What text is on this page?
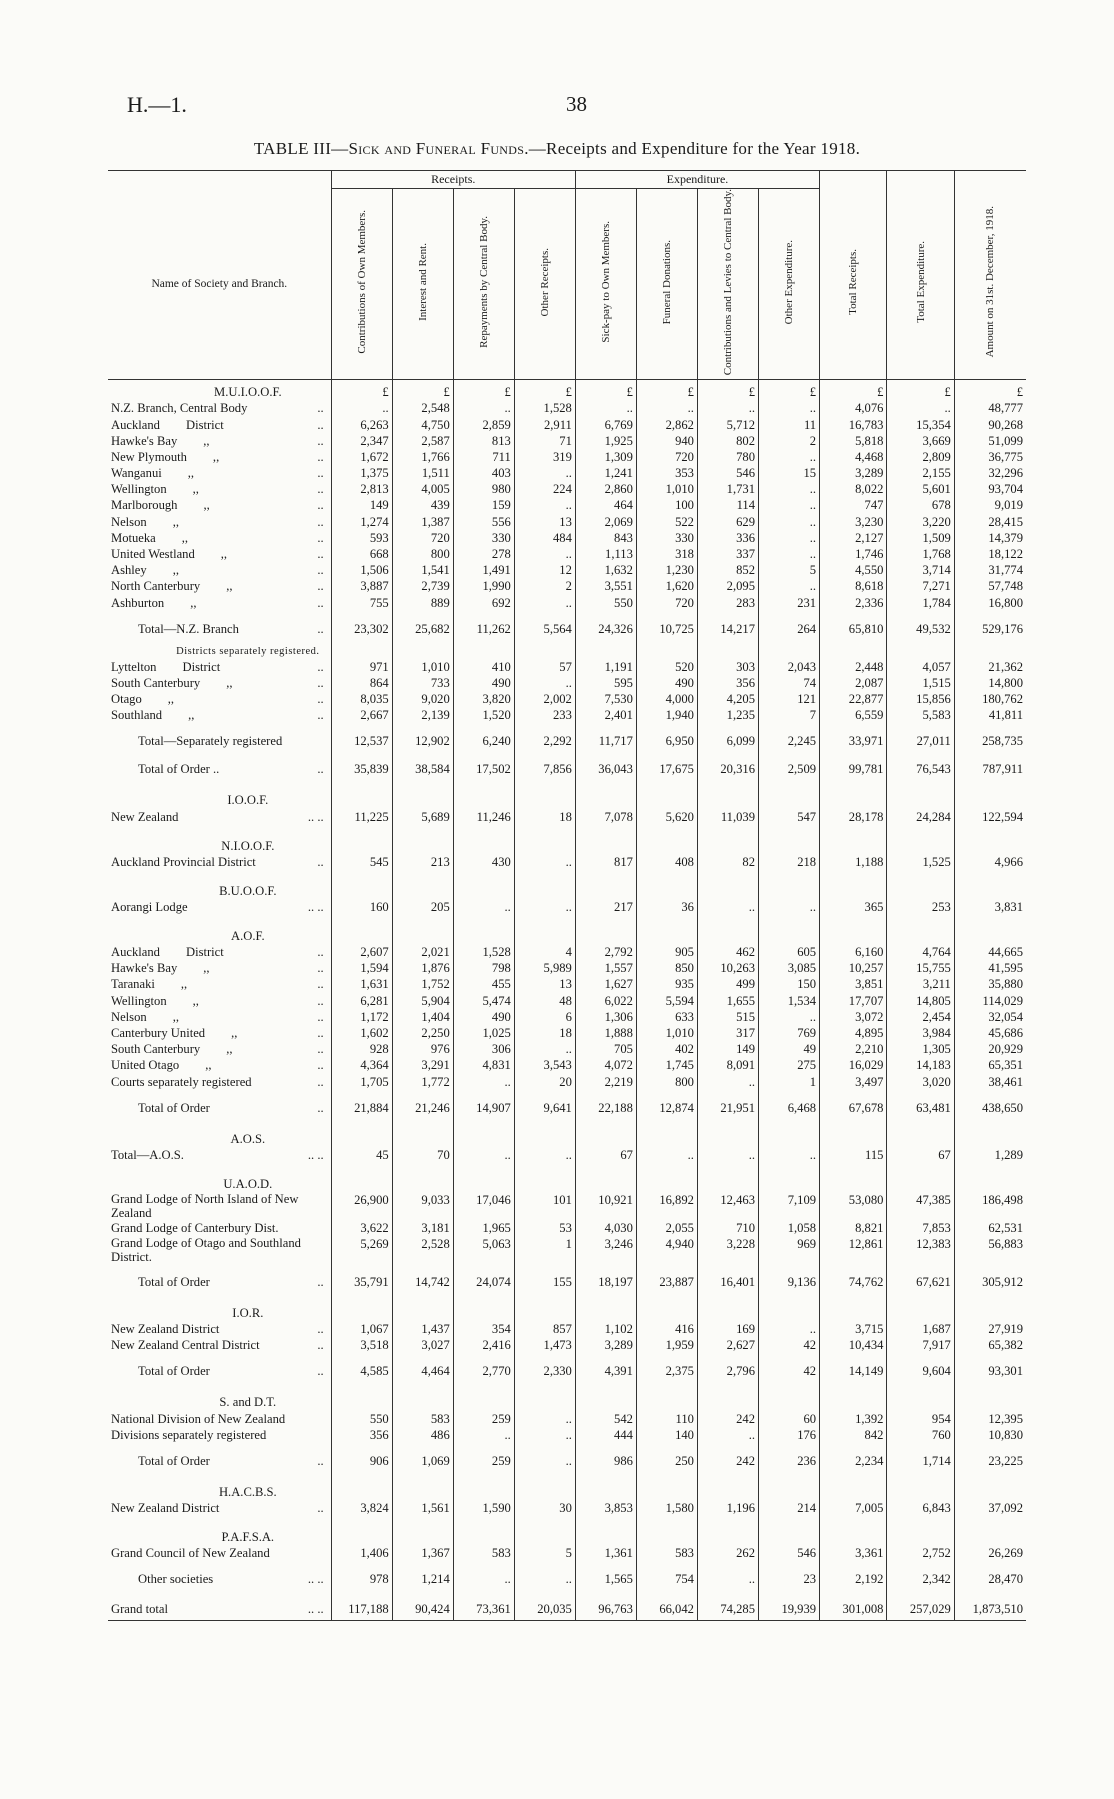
H.—1.	38
TABLE III—Sick and Funeral Funds.—Receipts and Expenditure for the Year 1918.
	Receipts.				Expenditure.						
Name of Society and Branch.	Contributions of Own Members.	Interest and Rent.	Repayments by Central Body.	Other Receipts.	Sick-pay to Own Members.	Funeral Donations.	Contributions and Levies to Central Body.	Other Expenditure.	Total Receipts.	Total Expenditure.	Amount on 31st. December, 1918.
M.U.I.O.O.F.	£	£	£	£	£	£	£	£	£	£	£

N.Z. Branch, Central Body ..	..	2,548	..	1,528	..	..	..	..	4,076	..	48,777

Auckland District ..	6,263	4,750	2,859	2,911	6,769	2,862	5,712	11	16,783	15,354	90,268

Hawke's Bay ,, ..	2,347	2,587	813	71	1,925	940	802	2	5,818	3,669	51,099

New Plymouth ,, ..	1,672	1,766	711	319	1,309	720	780	..	4,468	2,809	36,775

Wanganui ,, ..	1,375	1,511	403	..	1,241	353	546	15	3,289	2,155	32,296

Wellington ,, ..	2,813	4,005	980	224	2,860	1,010	1,731	..	8,022	5,601	93,704

Marlborough ,, ..	149	439	159	..	464	100	114	..	747	678	9,019

Nelson ,, ..	1,274	1,387	556	13	2,069	522	629	..	3,230	3,220	28,415

Motueka ,, ..	593	720	330	484	843	330	336	..	2,127	1,509	14,379

United Westland ,, ..	668	800	278	..	1,113	318	337	..	1,746	1,768	18,122

Ashley ,, ..	1,506	1,541	1,491	12	1,632	1,230	852	5	4,550	3,714	31,774

North Canterbury ,, ..	3,887	2,739	1,990	2	3,551	1,620	2,095	..	8,618	7,271	57,748

Ashburton ,, ..	755	889	692	..	550	720	283	231	2,336	1,784	16,800

Total—N.Z. Branch ..	23,302	25,682	11,262	5,564	24,326	10,725	14,217	264	65,810	49,532	529,176
Districts separately registered.											

Lyttelton District ..	971	1,010	410	57	1,191	520	303	2,043	2,448	4,057	21,362

South Canterbury ,, ..	864	733	490	..	595	490	356	74	2,087	1,515	14,800

Otago ,, ..	8,035	9,020	3,820	2,002	7,530	4,000	4,205	121	22,877	15,856	180,762

Southland ,, ..	2,667	2,139	1,520	233	2,401	1,940	1,235	7	6,559	5,583	41,811

Total—Separately registered	12,537	12,902	6,240	2,292	11,717	6,950	6,099	2,245	33,971	27,011	258,735

Total of Order .. ..	35,839	38,584	17,502	7,856	36,043	17,675	20,316	2,509	99,781	76,543	787,911

I.O.O.F.											

New Zealand .. ..	11,225	5,689	11,246	18	7,078	5,620	11,039	547	28,178	24,284	122,594

N.I.O.O.F.											

Auckland Provincial District ..	545	213	430	..	817	408	82	218	1,188	1,525	4,966

B.U.O.O.F.											

Aorangi Lodge .. ..	160	205	..	..	217	36	..	..	365	253	3,831

A.O.F.											

Auckland District ..	2,607	2,021	1,528	4	2,792	905	462	605	6,160	4,764	44,665

Hawke's Bay ,, ..	1,594	1,876	798	5,989	1,557	850	10,263	3,085	10,257	15,755	41,595

Taranaki ,, ..	1,631	1,752	455	13	1,627	935	499	150	3,851	3,211	35,880

Wellington ,, ..	6,281	5,904	5,474	48	6,022	5,594	1,655	1,534	17,707	14,805	114,029

Nelson ,, ..	1,172	1,404	490	6	1,306	633	515	..	3,072	2,454	32,054

Canterbury United ,, ..	1,602	2,250	1,025	18	1,888	1,010	317	769	4,895	3,984	45,686

South Canterbury ,, ..	928	976	306	..	705	402	149	49	2,210	1,305	20,929

United Otago ,, ..	4,364	3,291	4,831	3,543	4,072	1,745	8,091	275	16,029	14,183	65,351

Courts separately registered ..	1,705	1,772	..	20	2,219	800	..	1	3,497	3,020	38,461

Total of Order ..	21,884	21,246	14,907	9,641	22,188	12,874	21,951	6,468	67,678	63,481	438,650

A.O.S.											

Total—A.O.S. .. ..	45	70	..	..	67	..	..	..	115	67	1,289

U.A.O.D.											

Grand Lodge of North Island of New Zealand	26,900	9,033	17,046	101	10,921	16,892	12,463	7,109	53,080	47,385	186,498

Grand Lodge of Canterbury Dist.	3,622	3,181	1,965	53	4,030	2,055	710	1,058	8,821	7,853	62,531

Grand Lodge of Otago and Southland District.	5,269	2,528	5,063	1	3,246	4,940	3,228	969	12,861	12,383	56,883

Total of Order ..	35,791	14,742	24,074	155	18,197	23,887	16,401	9,136	74,762	67,621	305,912

I.O.R.											

New Zealand District ..	1,067	1,437	354	857	1,102	416	169	..	3,715	1,687	27,919

New Zealand Central District ..	3,518	3,027	2,416	1,473	3,289	1,959	2,627	42	10,434	7,917	65,382

Total of Order ..	4,585	4,464	2,770	2,330	4,391	2,375	2,796	42	14,149	9,604	93,301

S. and D.T.											

National Division of New Zealand	550	583	259	..	542	110	242	60	1,392	954	12,395

Divisions separately registered	356	486	..	..	444	140	..	176	842	760	10,830

Total of Order ..	906	1,069	259	..	986	250	242	236	2,234	1,714	23,225

H.A.C.B.S.											

New Zealand District ..	3,824	1,561	1,590	30	3,853	1,580	1,196	214	7,005	6,843	37,092

P.A.F.S.A.											

Grand Council of New Zealand	1,406	1,367	583	5	1,361	583	262	546	3,361	2,752	26,269

Other societies .. ..	978	1,214	..	..	1,565	754	..	23	2,192	2,342	28,470

Grand total .. ..	117,188	90,424	73,361	20,035	96,763	66,042	74,285	19,939	301,008	257,029	1,873,510
